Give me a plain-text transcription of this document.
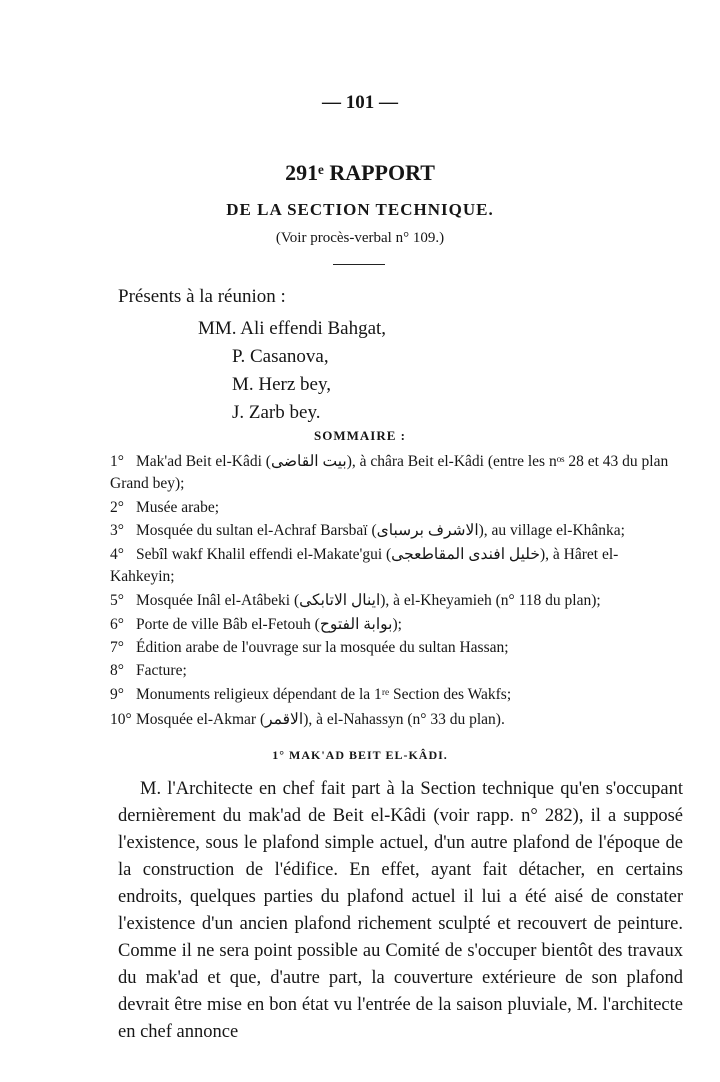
— 101 —
291ᵉ RAPPORT
DE LA SECTION TECHNIQUE.
(Voir procès-verbal n° 109.)
Présents à la réunion :
MM. Ali effendi Bahgat,
P. Casanova,
M. Herz bey,
J. Zarb bey.
SOMMAIRE :
1° Mak'ad Beit el-Kâdi (بيت القاضى), à châra Beit el-Kâdi (entre les nᵒˢ 28 et 43 du plan Grand bey);
2° Musée arabe;
3° Mosquée du sultan el-Achraf Barsbaï (الاشرف برسباى), au village el-Khânka;
4° Sebîl wakf Khalil effendi el-Makate'gui (خليل افندى المقاطعجى), à Hâret el-Kahkeyin;
5° Mosquée Inâl el-Atâbeki (اينال الاتابكى), à el-Kheyamieh (n° 118 du plan);
6° Porte de ville Bâb el-Fetouh (بوابة الفتوح);
7° Édition arabe de l'ouvrage sur la mosquée du sultan Hassan;
8° Facture;
9° Monuments religieux dépendant de la 1ʳᵉ Section des Wakfs;
10° Mosquée el-Akmar (الاقمر), à el-Nahassyn (n° 33 du plan).
1° MAK'AD BEIT EL-KÂDI.
M. l'Architecte en chef fait part à la Section technique qu'en s'occupant dernièrement du mak'ad de Beit el-Kâdi (voir rapp. n° 282), il a supposé l'existence, sous le plafond simple actuel, d'un autre plafond de l'époque de la construction de l'édifice. En effet, ayant fait détacher, en certains endroits, quelques parties du plafond actuel il lui a été aisé de constater l'existence d'un ancien plafond richement sculpté et recouvert de peinture. Comme il ne sera point possible au Comité de s'occuper bientôt des travaux du mak'ad et que, d'autre part, la couverture extérieure de son plafond devrait être mise en bon état vu l'entrée de la saison pluviale, M. l'architecte en chef annonce
